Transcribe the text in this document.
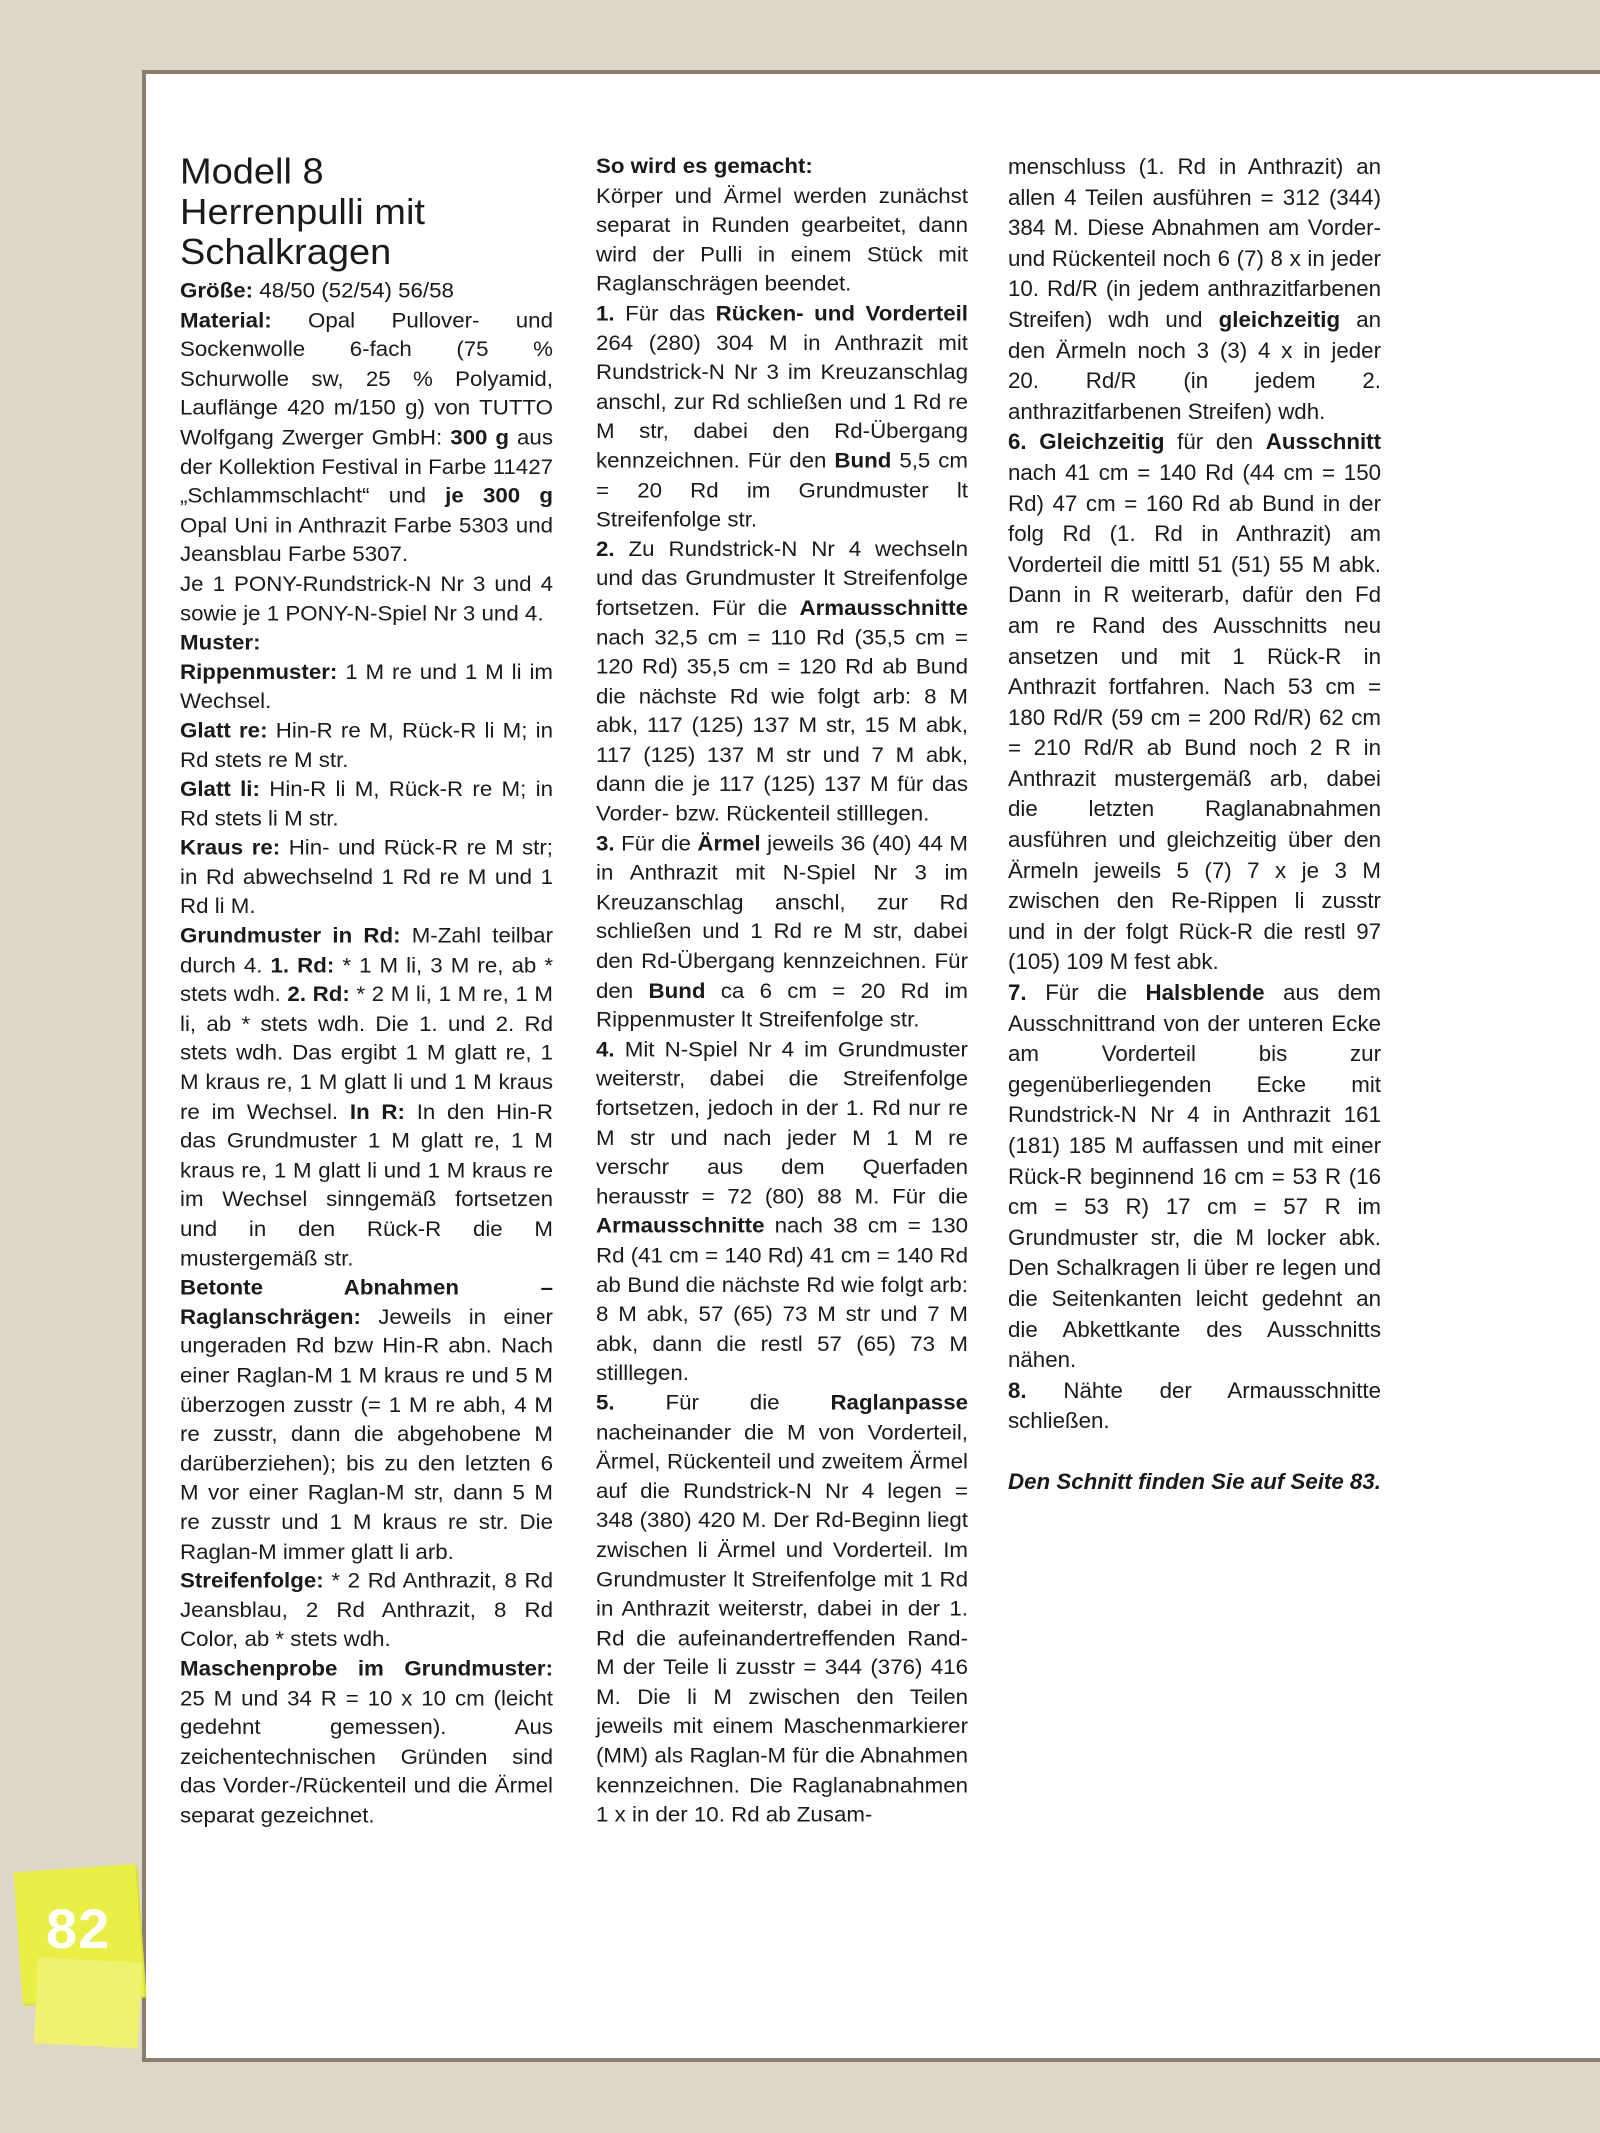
82
Modell 8
Herrenpulli mit Schalkragen

Größe: 48/50 (52/54) 56/58

Material: Opal Pullover- und Sockenwolle 6-fach (75 % Schurwolle sw, 25 % Polyamid, Lauflänge 420 m/150 g) von TUTTO Wolfgang Zwerger GmbH: 300 g aus der Kollektion Festival in Farbe 11427 „Schlammschlacht“ und je 300 g Opal Uni in Anthrazit Farbe 5303 und Jeansblau Farbe 5307.

Je 1 PONY-Rundstrick-N Nr 3 und 4 sowie je 1 PONY-N-Spiel Nr 3 und 4.

Muster:

Rippenmuster: 1 M re und 1 M li im Wechsel.

Glatt re: Hin-R re M, Rück-R li M; in Rd stets re M str.

Glatt li: Hin-R li M, Rück-R re M; in Rd stets li M str.

Kraus re: Hin- und Rück-R re M str; in Rd abwechselnd 1 Rd re M und 1 Rd li M.

Grundmuster in Rd: M-Zahl teilbar durch 4. 1. Rd: * 1 M li, 3 M re, ab * stets wdh. 2. Rd: * 2 M li, 1 M re, 1 M li, ab * stets wdh. Die 1. und 2. Rd stets wdh. Das ergibt 1 M glatt re, 1 M kraus re, 1 M glatt li und 1 M kraus re im Wechsel. In R: In den Hin-R das Grundmuster 1 M glatt re, 1 M kraus re, 1 M glatt li und 1 M kraus re im Wechsel sinngemäß fortsetzen und in den Rück-R die M mustergemäß str.

Betonte Abnahmen – Raglanschrägen: Jeweils in einer ungeraden Rd bzw Hin-R abn. Nach einer Raglan-M 1 M kraus re und 5 M überzogen zusstr (= 1 M re abh, 4 M re zusstr, dann die abgehobene M darüberziehen); bis zu den letzten 6 M vor einer Raglan-M str, dann 5 M re zusstr und 1 M kraus re str. Die Raglan-M immer glatt li arb.

Streifenfolge: * 2 Rd Anthrazit, 8 Rd Jeansblau, 2 Rd Anthrazit, 8 Rd Color, ab * stets wdh.

Maschenprobe im Grundmuster: 25 M und 34 R = 10 x 10 cm (leicht gedehnt gemessen). Aus zeichentechnischen Gründen sind das Vorder-/Rückenteil und die Ärmel separat gezeichnet.

So wird es gemacht:

Körper und Ärmel werden zunächst separat in Runden gearbeitet, dann wird der Pulli in einem Stück mit Raglanschrägen beendet.

1. Für das Rücken- und Vorderteil 264 (280) 304 M in Anthrazit mit Rundstrick-N Nr 3 im Kreuzanschlag anschl, zur Rd schließen und 1 Rd re M str, dabei den Rd-Übergang kennzeichnen. Für den Bund 5,5 cm = 20 Rd im Grundmuster lt Streifenfolge str.

2. Zu Rundstrick-N Nr 4 wechseln und das Grundmuster lt Streifenfolge fortsetzen. Für die Armausschnitte nach 32,5 cm = 110 Rd (35,5 cm = 120 Rd) 35,5 cm = 120 Rd ab Bund die nächste Rd wie folgt arb: 8 M abk, 117 (125) 137 M str, 15 M abk, 117 (125) 137 M str und 7 M abk, dann die je 117 (125) 137 M für das Vorder- bzw. Rückenteil stilllegen.

3. Für die Ärmel jeweils 36 (40) 44 M in Anthrazit mit N-Spiel Nr 3 im Kreuzanschlag anschl, zur Rd schließen und 1 Rd re M str, dabei den Rd-Übergang kennzeichnen. Für den Bund ca 6 cm = 20 Rd im Rippenmuster lt Streifenfolge str.

4. Mit N-Spiel Nr 4 im Grundmuster weiterstr, dabei die Streifenfolge fortsetzen, jedoch in der 1. Rd nur re M str und nach jeder M 1 M re verschr aus dem Querfaden herausstr = 72 (80) 88 M. Für die Armausschnitte nach 38 cm = 130 Rd (41 cm = 140 Rd) 41 cm = 140 Rd ab Bund die nächste Rd wie folgt arb: 8 M abk, 57 (65) 73 M str und 7 M abk, dann die restl 57 (65) 73 M stilllegen.

5. Für die Raglanpasse nacheinander die M von Vorderteil, Ärmel, Rückenteil und zweitem Ärmel auf die Rundstrick-N Nr 4 legen = 348 (380) 420 M. Der Rd-Beginn liegt zwischen li Ärmel und Vorderteil. Im Grundmuster lt Streifenfolge mit 1 Rd in Anthrazit weiterstr, dabei in der 1. Rd die aufeinandertreffenden Rand-M der Teile li zusstr = 344 (376) 416 M. Die li M zwischen den Teilen jeweils mit einem Maschenmarkierer (MM) als Raglan-M für die Abnahmen kennzeichnen. Die Raglanabnahmen 1 x in der 10. Rd ab Zusam-

menschluss (1. Rd in Anthrazit) an allen 4 Teilen ausführen = 312 (344) 384 M. Diese Abnahmen am Vorder- und Rückenteil noch 6 (7) 8 x in jeder 10. Rd/R (in jedem anthrazitfarbenen Streifen) wdh und gleichzeitig an den Ärmeln noch 3 (3) 4 x in jeder 20. Rd/R (in jedem 2. anthrazitfarbenen Streifen) wdh.

6. Gleichzeitig für den Ausschnitt nach 41 cm = 140 Rd (44 cm = 150 Rd) 47 cm = 160 Rd ab Bund in der folg Rd (1. Rd in Anthrazit) am Vorderteil die mittl 51 (51) 55 M abk. Dann in R weiterarb, dafür den Fd am re Rand des Ausschnitts neu ansetzen und mit 1 Rück-R in Anthrazit fortfahren. Nach 53 cm = 180 Rd/R (59 cm = 200 Rd/R) 62 cm = 210 Rd/R ab Bund noch 2 R in Anthrazit mustergemäß arb, dabei die letzten Raglanabnahmen ausführen und gleichzeitig über den Ärmeln jeweils 5 (7) 7 x je 3 M zwischen den Re-Rippen li zusstr und in der folgt Rück-R die restl 97 (105) 109 M fest abk.

7. Für die Halsblende aus dem Ausschnittrand von der unteren Ecke am Vorderteil bis zur gegenüberliegenden Ecke mit Rundstrick-N Nr 4 in Anthrazit 161 (181) 185 M auffassen und mit einer Rück-R beginnend 16 cm = 53 R (16 cm = 53 R) 17 cm = 57 R im Grundmuster str, die M locker abk. Den Schalkragen li über re legen und die Seitenkanten leicht gedehnt an die Abkettkante des Ausschnitts nähen.

8. Nähte der Armausschnitte schließen.

Den Schnitt finden Sie auf Seite 83.
